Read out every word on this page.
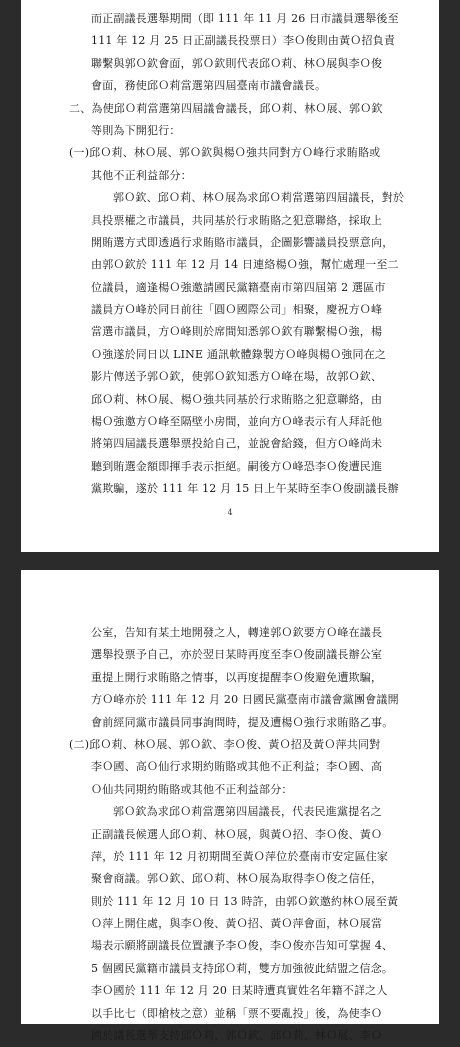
而正副議長選舉期間（即 111 年 11 月 26 日市議員選舉後至
111 年 12 月 25 日正副議長投票日）李Ｏ俊則由黃Ｏ招負責
聯繫與郭Ｏ欽會面，郭Ｏ欽則代表邱Ｏ莉、林Ｏ展與李Ｏ俊
會面，務使邱Ｏ莉當選第四屆臺南市議會議長。
二、為使邱Ｏ莉當選第四屆議會議長，邱Ｏ莉、林Ｏ展、郭Ｏ欽
等則為下開犯行：
(一)邱Ｏ莉、林Ｏ展、郭Ｏ欽與楊Ｏ強共同對方Ｏ峰行求賄賂或
其他不正利益部分：
郭Ｏ欽、邱Ｏ莉、林Ｏ展為求邱Ｏ莉當選第四屆議長，對於
具投票權之市議員，共同基於行求賄賂之犯意聯絡，採取上
開賄選方式即透過行求賄賂市議員，企圖影響議員投票意向，
由郭Ｏ欽於 111 年 12 月 14 日連絡楊Ｏ強，幫忙處理一至二
位議員，適逢楊Ｏ強邀請國民黨籍臺南市第四屆第 2 選區市
議員方Ｏ峰於同日前往「圓Ｏ國際公司」相聚，慶祝方Ｏ峰
當選市議員，方Ｏ峰則於席間知悉郭Ｏ欽有聯繫楊Ｏ強，楊
Ｏ強遂於同日以 LINE 通訊軟體錄製方Ｏ峰與楊Ｏ強同在之
影片傳送予郭Ｏ欽，使郭Ｏ欽知悉方Ｏ峰在場，故郭Ｏ欽、
邱Ｏ莉、林Ｏ展、楊Ｏ強共同基於行求賄賂之犯意聯絡，由
楊Ｏ強邀方Ｏ峰至隔壁小房間，並向方Ｏ峰表示有人拜託他
將第四屆議長選舉票投給自己，並說會給錢，但方Ｏ峰尚未
聽到賄選金額即揮手表示拒絕。嗣後方Ｏ峰恐李Ｏ俊遭民進
黨欺騙，遂於 111 年 12 月 15 日上午某時至李Ｏ俊副議長辦
4
公室，告知有某土地開發之人，轉達郭Ｏ欽要方Ｏ峰在議長
選舉投票予自己，亦於翌日某時再度至李Ｏ俊副議長辦公室
重提上開行求賄賂之情事，以再度提醒李Ｏ俊避免遭欺騙，
方Ｏ峰亦於 111 年 12 月 20 日國民黨臺南市議會黨團會議開
會前經同黨市議員同事詢問時，提及遭楊Ｏ強行求賄賂乙事。
(二)邱Ｏ莉、林Ｏ展、郭Ｏ欽、李Ｏ俊、黃Ｏ招及黃Ｏ萍共同對
李Ｏ國、高Ｏ仙行求期約賄賂或其他不正利益；李Ｏ國、高
Ｏ仙共同期約賄賂或其他不正利益部分：
郭Ｏ欽為求邱Ｏ莉當選第四屆議長，代表民進黨提名之
正副議長候選人邱Ｏ莉、林Ｏ展，與黃Ｏ招、李Ｏ俊、黃Ｏ
萍，於 111 年 12 月初期間至黃Ｏ萍位於臺南市安定區住家
聚會商議。郭Ｏ欽、邱Ｏ莉、林Ｏ展為取得李Ｏ俊之信任，
則於 111 年 12 月 10 日 13 時許，由郭Ｏ欽邀約林Ｏ展至黃
Ｏ萍上開住處，與李Ｏ俊、黃Ｏ招、黃Ｏ萍會面，林Ｏ展當
場表示願將副議長位置讓予李Ｏ俊，李Ｏ俊亦告知可掌握 4、
5 個國民黨籍市議員支持邱Ｏ莉，雙方加強彼此結盟之信念。
李Ｏ國於 111 年 12 月 20 日某時遭真實姓名年籍不詳之人
以手比七（即槍枝之意）並稱「票不要亂投」後，為使李Ｏ
國於議長選舉支持邱Ｏ莉，郭Ｏ欽、邱Ｏ莉、林Ｏ展、李Ｏ
